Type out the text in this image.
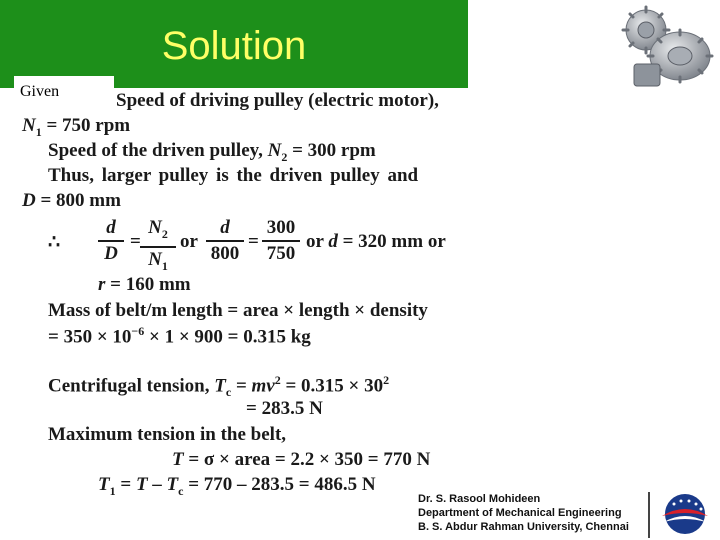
Solution
Given	Speed of driving pulley (electric motor),
$N_1 = 750$ rpm
Speed of the driven pulley, $N_2 = 300$ rpm
Thus, larger pulley is the driven pulley and
D = 800 mm
∴ $\frac{d}{D} = \frac{N_2}{N_1}$ or $\frac{d}{800} = \frac{300}{750}$ or d = 320 mm or
r = 160 mm
Mass of belt/m length = area × length × density
= $350 \times 10^{-6} \times 1 \times 900 = 0.315$ kg
Centrifugal tension, $T_c = mv^2 = 0.315 \times 30^2$
= 283.5 N
Maximum tension in the belt,
T = σ × area = 2.2 × 350 = 770 N
$T_1 = T - T_c = 770 - 283.5 = 486.5$ N
Dr. S. Rasool Mohideen
Department of Mechanical Engineering
B. S. Abdur Rahman University, Chennai
